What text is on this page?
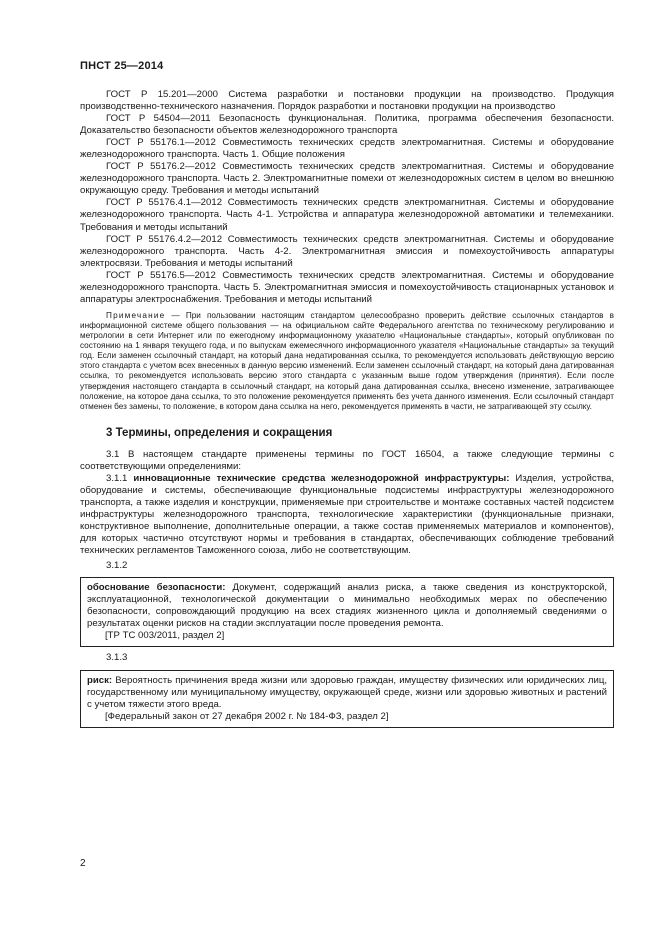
ПНСТ 25—2014

ГОСТ Р 15.201—2000 Система разработки и постановки продукции на производство. Продукция производственно-технического назначения. Порядок разработки и постановки продукции на производство

ГОСТ Р 54504—2011 Безопасность функциональная. Политика, программа обеспечения безопасности. Доказательство безопасности объектов железнодорожного транспорта

ГОСТ Р 55176.1—2012 Совместимость технических средств электромагнитная. Системы и оборудование железнодорожного транспорта. Часть 1. Общие положения

ГОСТ Р 55176.2—2012 Совместимость технических средств электромагнитная. Системы и оборудование железнодорожного транспорта. Часть 2. Электромагнитные помехи от железнодорожных систем в целом во внешнюю окружающую среду. Требования и методы испытаний

ГОСТ Р 55176.4.1—2012 Совместимость технических средств электромагнитная. Системы и оборудование железнодорожного транспорта. Часть 4-1. Устройства и аппаратура железнодорожной автоматики и телемеханики. Требования и методы испытаний

ГОСТ Р 55176.4.2—2012 Совместимость технических средств электромагнитная. Системы и оборудование железнодорожного транспорта. Часть 4-2. Электромагнитная эмиссия и помехоустойчивость аппаратуры электросвязи. Требования и методы испытаний

ГОСТ Р 55176.5—2012 Совместимость технических средств электромагнитная. Системы и оборудование железнодорожного транспорта. Часть 5. Электромагнитная эмиссия и помехоустойчивость стационарных установок и аппаратуры электроснабжения. Требования и методы испытаний

Примечание — При пользовании настоящим стандартом целесообразно проверить действие ссылочных стандартов в информационной системе общего пользования — на официальном сайте Федерального агентства по техническому регулированию и метрологии в сети Интернет или по ежегодному информационному указателю «Национальные стандарты», который опубликован по состоянию на 1 января текущего года, и по выпускам ежемесячного информационного указателя «Национальные стандарты» за текущий год. Если заменен ссылочный стандарт, на который дана недатированная ссылка, то рекомендуется использовать действующую версию этого стандарта с учетом всех внесенных в данную версию изменений. Если заменен ссылочный стандарт, на который дана датированная ссылка, то рекомендуется использовать версию этого стандарта с указанным выше годом утверждения (принятия). Если после утверждения настоящего стандарта в ссылочный стандарт, на который дана датированная ссылка, внесено изменение, затрагивающее положение, на которое дана ссылка, то это положение рекомендуется применять без учета данного изменения. Если ссылочный стандарт отменен без замены, то положение, в котором дана ссылка на него, рекомендуется применять в части, не затрагивающей эту ссылку.

3 Термины, определения и сокращения

3.1 В настоящем стандарте применены термины по ГОСТ 16504, а также следующие термины с соответствующими определениями:

3.1.1 инновационные технические средства железнодорожной инфраструктуры: Изделия, устройства, оборудование и системы, обеспечивающие функциональные подсистемы инфраструктуры железнодорожного транспорта, а также изделия и конструкции, применяемые при строительстве и монтаже составных частей подсистем инфраструктуры железнодорожного транспорта, технологические характеристики (функциональные признаки, конструктивное выполнение, дополнительные операции, а также состав применяемых материалов и компонентов), для которых частично отсутствуют нормы и требования в стандартах, обеспечивающих соблюдение требований технических регламентов Таможенного союза, либо не соответствующим.

3.1.2

обоснование безопасности: Документ, содержащий анализ риска, а также сведения из конструкторской, эксплуатационной, технологической документации о минимально необходимых мерах по обеспечению безопасности, сопровождающий продукцию на всех стадиях жизненного цикла и дополняемый сведениями о результатах оценки рисков на стадии эксплуатации после проведения ремонта.

[ТР ТС 003/2011, раздел 2]

3.1.3

риск: Вероятность причинения вреда жизни или здоровью граждан, имуществу физических или юридических лиц, государственному или муниципальному имуществу, окружающей среде, жизни или здоровью животных и растений с учетом тяжести этого вреда.

[Федеральный закон от 27 декабря 2002 г. № 184-ФЗ, раздел 2]

2
